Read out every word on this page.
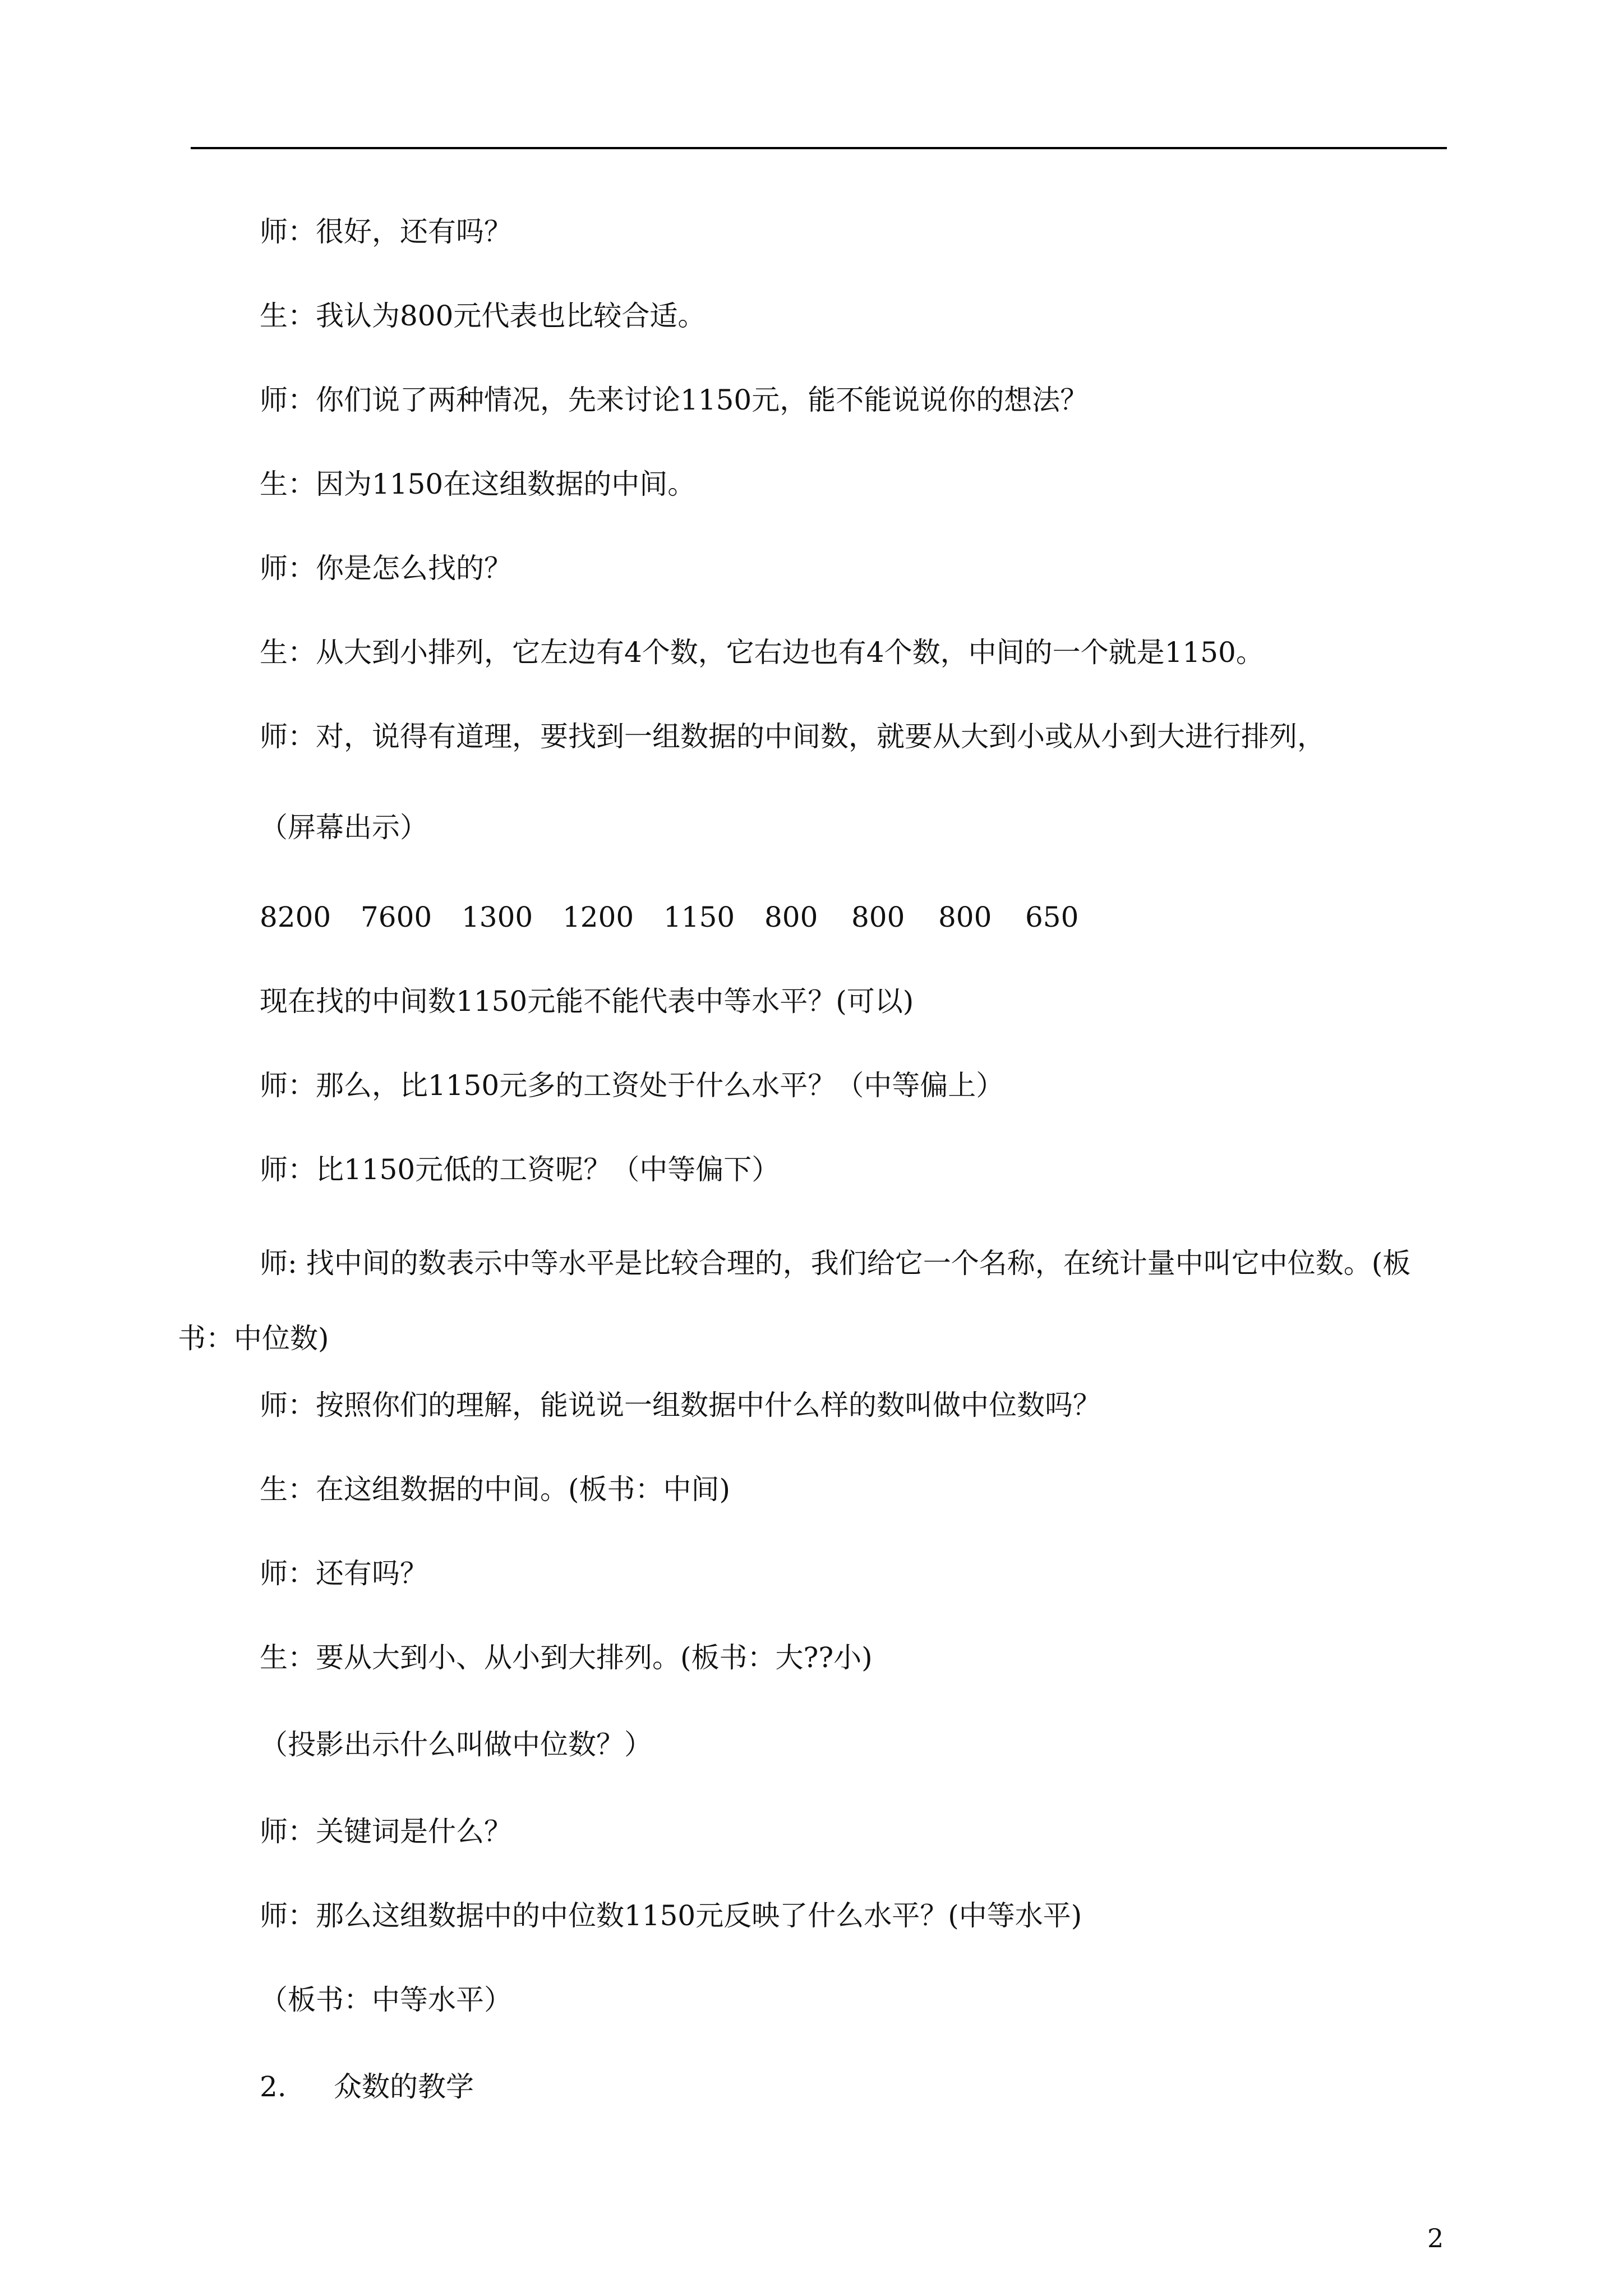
师：很好，还有吗？
生：我认为800元代表也比较合适。
师：你们说了两种情况，先来讨论1150元，能不能说说你的想法？
生：因为1150在这组数据的中间。
师：你是怎么找的？
生：从大到小排列，它左边有4个数，它右边也有4个数，中间的一个就是1150。
师：对，说得有道理，要找到一组数据的中间数，就要从大到小或从小到大进行排列，
（屏幕出示）
8200 7600 1300 1200 1150 800 800 800 650
现在找的中间数1150元能不能代表中等水平？(可以)
师：那么，比1150元多的工资处于什么水平？（中等偏上）
师：比1150元低的工资呢？（中等偏下）
师: 找中间的数表示中等水平是比较合理的，我们给它一个名称，在统计量中叫它中位数。(板
书：中位数)
师：按照你们的理解，能说说一组数据中什么样的数叫做中位数吗？
生：在这组数据的中间。(板书：中间)
师：还有吗？
生：要从大到小、从小到大排列。(板书：大??小)
（投影出示什么叫做中位数？）
师：关键词是什么？
师：那么这组数据中的中位数1150元反映了什么水平？(中等水平)
2. 众数的教学
2
（板书：中等水平）
